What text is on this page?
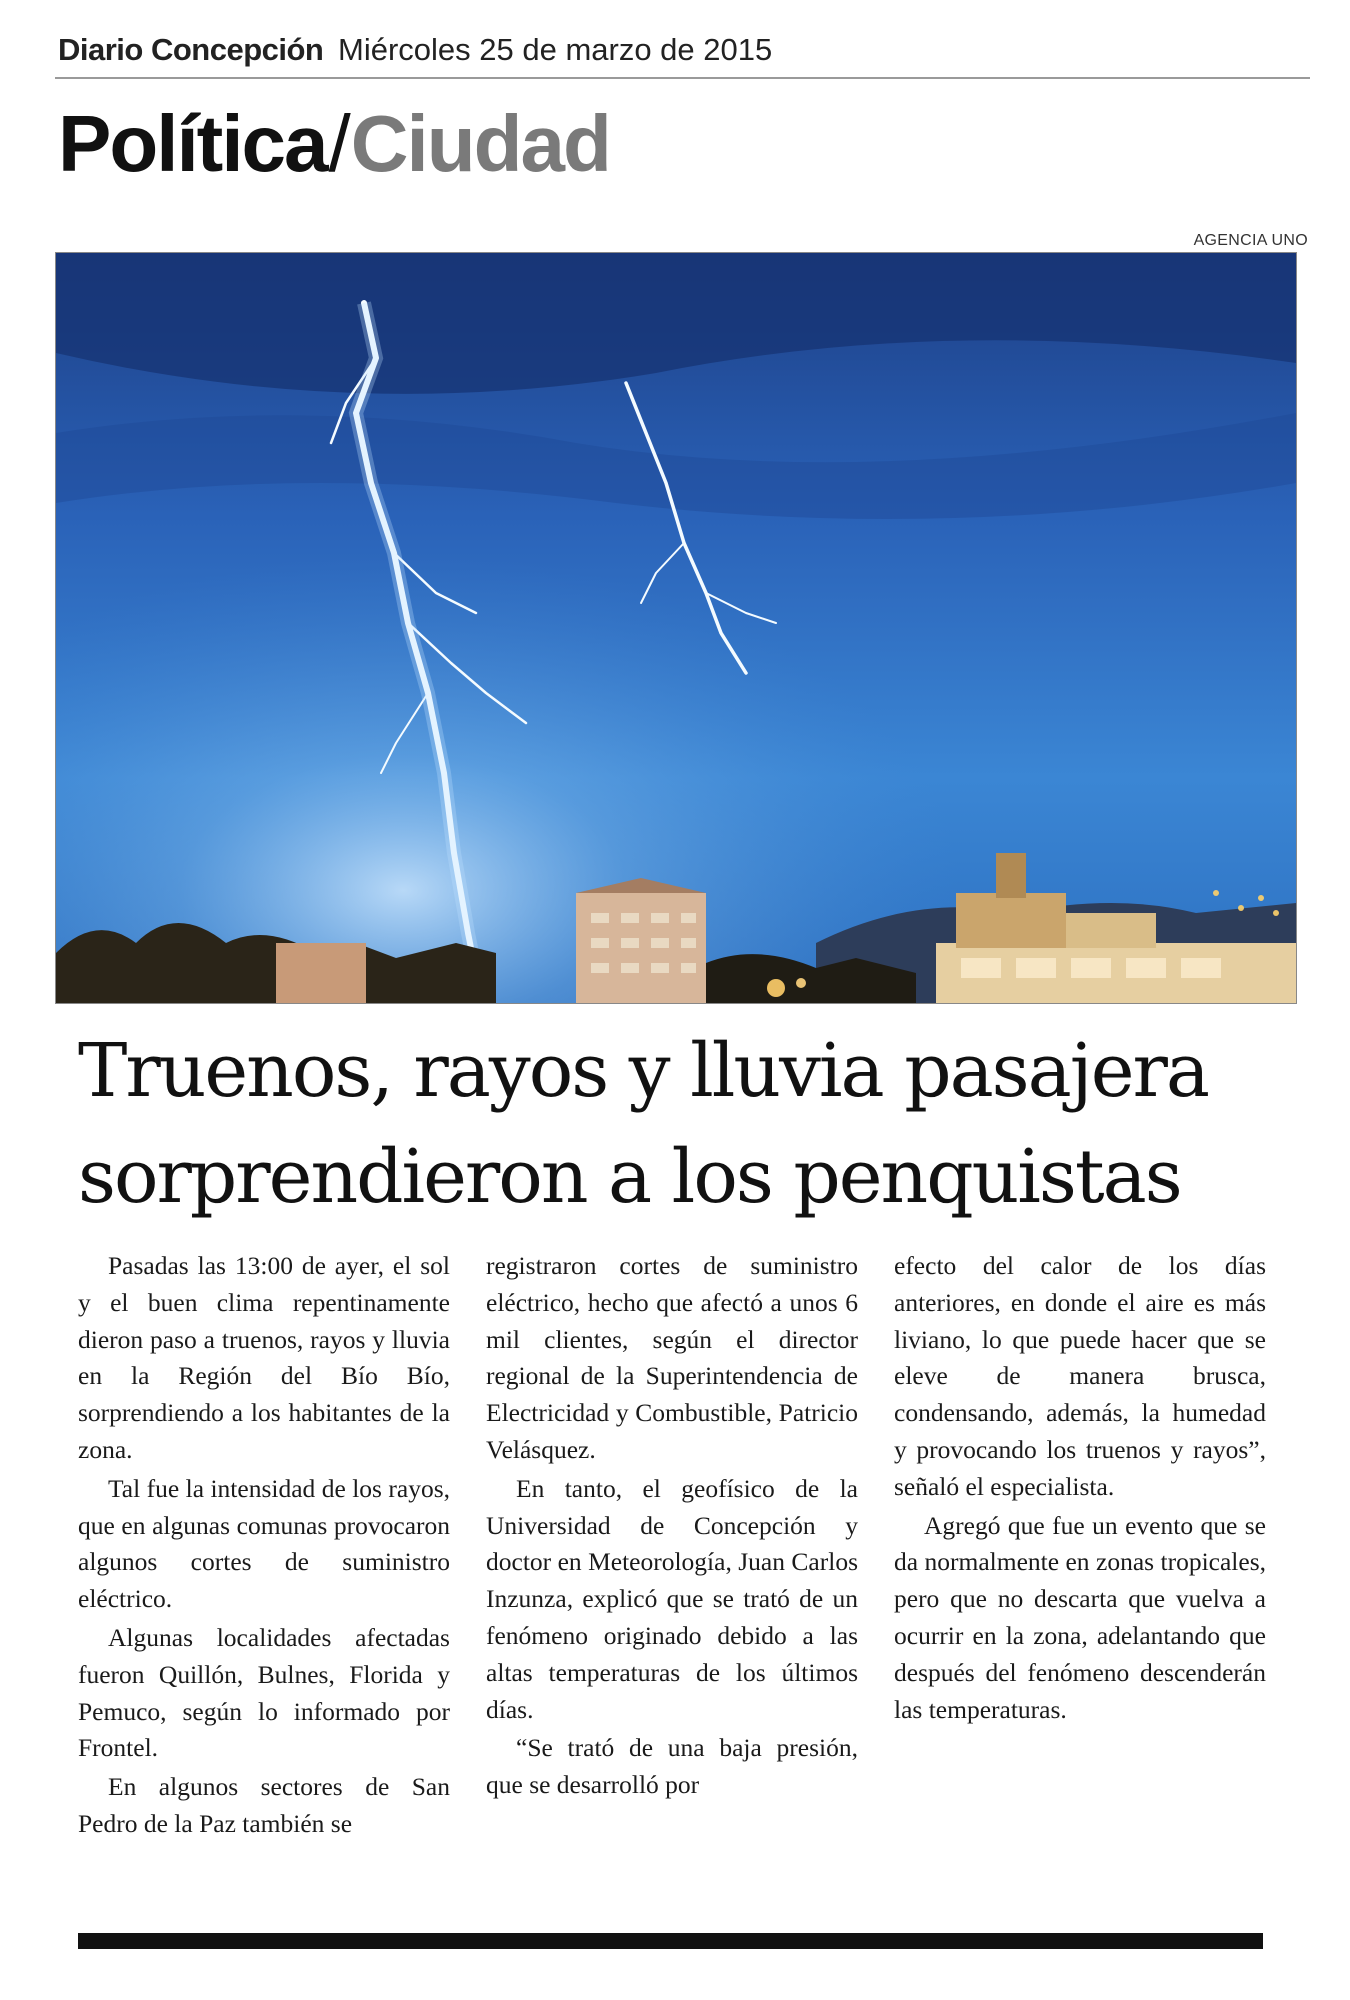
Diario Concepción Miércoles 25 de marzo de 2015
Política/Ciudad
AGENCIA UNO
Truenos, rayos y lluvia pasajera
sorprendieron a los penquistas

Pasadas las 13:00 de ayer, el sol y el buen clima repentinamente dieron paso a truenos, rayos y lluvia en la Región del Bío Bío, sorprendiendo a los habitantes de la zona.

Tal fue la intensidad de los rayos, que en algunas comunas provocaron algunos cortes de suministro eléctrico.

Algunas localidades afectadas fueron Quillón, Bulnes, Florida y Pemuco, según lo informado por Frontel.

En algunos sectores de San Pedro de la Paz también se

registraron cortes de suministro eléctrico, hecho que afectó a unos 6 mil clientes, según el director regional de la Superintendencia de Electricidad y Combustible, Patricio Velásquez.

En tanto, el geofísico de la Universidad de Concepción y doctor en Meteorología, Juan Carlos Inzunza, explicó que se trató de un fenómeno originado debido a las altas temperaturas de los últimos días.

“Se trató de una baja presión, que se desarrolló por

efecto del calor de los días anteriores, en donde el aire es más liviano, lo que puede hacer que se eleve de manera brusca, condensando, además, la humedad y provocando los truenos y rayos”, señaló el especialista.

Agregó que fue un evento que se da normalmente en zonas tropicales, pero que no descarta que vuelva a ocurrir en la zona, adelantando que después del fenómeno descenderán las temperaturas.
